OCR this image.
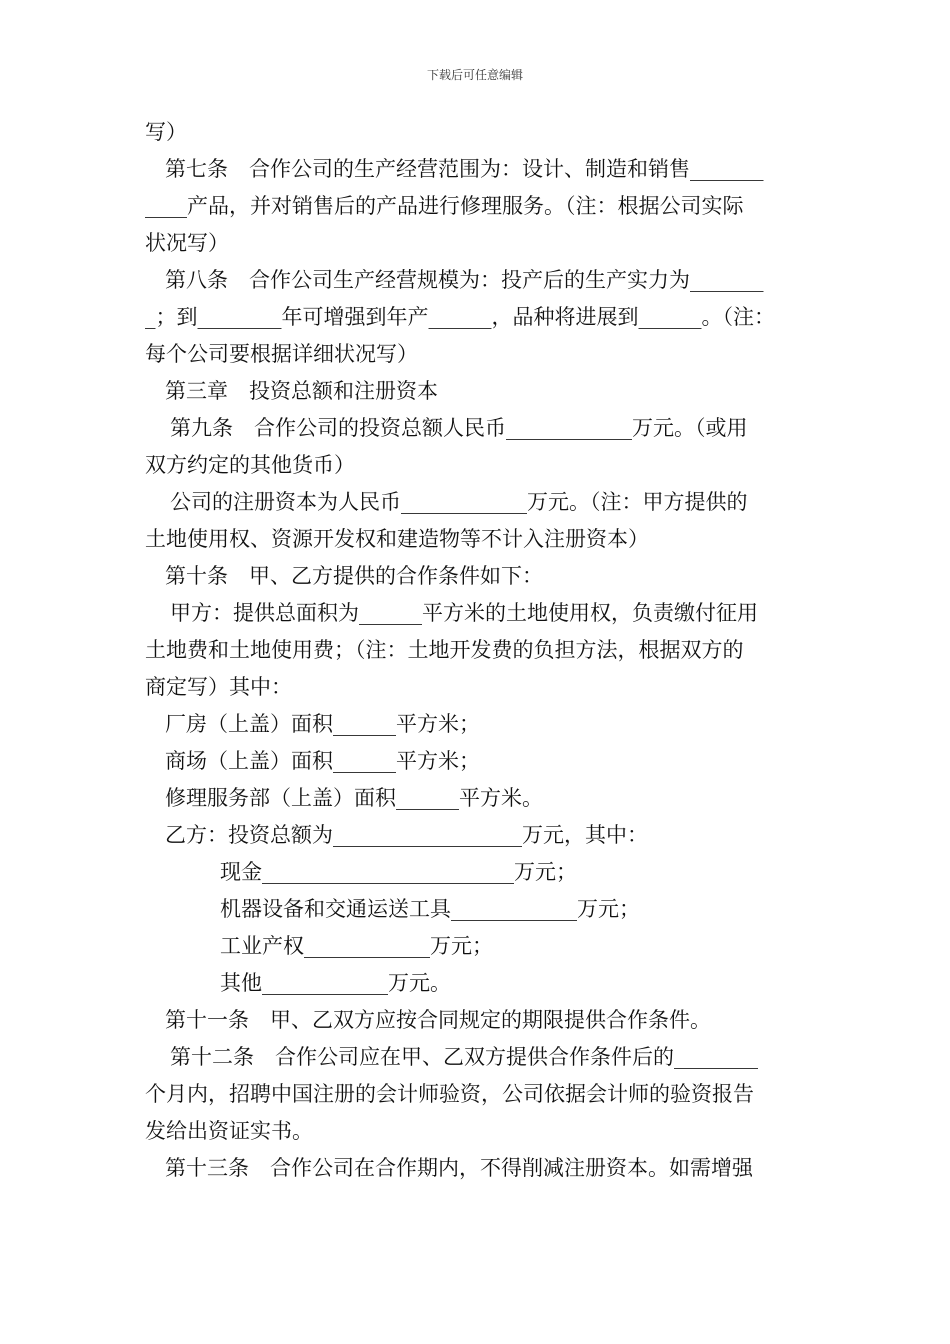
下载后可任意编辑
写）
第七条　合作公司的生产经营范围为：设计、制造和销售_______
____产品，并对销售后的产品进行修理服务。（注：根据公司实际
状况写）
第八条　合作公司生产经营规模为：投产后的生产实力为_______
_；到________年可增强到年产______，品种将进展到______。（注：
每个公司要根据详细状况写）
第三章　投资总额和注册资本
第九条　合作公司的投资总额人民币____________万元。（或用
双方约定的其他货币）
公司的注册资本为人民币____________万元。（注：甲方提供的
土地使用权、资源开发权和建造物等不计入注册资本）
第十条　甲、乙方提供的合作条件如下：
甲方：提供总面积为______平方米的土地使用权，负责缴付征用
土地费和土地使用费；（注：土地开发费的负担方法，根据双方的
商定写）其中：
厂房（上盖）面积______平方米；
商场（上盖）面积______平方米；
修理服务部（上盖）面积______平方米。
乙方：投资总额为__________________万元，其中：
现金________________________万元；
机器设备和交通运送工具____________万元；
工业产权____________万元；
其他____________万元。
第十一条　甲、乙双方应按合同规定的期限提供合作条件。
第十二条　合作公司应在甲、乙双方提供合作条件后的________
个月内，招聘中国注册的会计师验资，公司依据会计师的验资报告
发给出资证实书。
第十三条　合作公司在合作期内，不得削减注册资本。如需增强
